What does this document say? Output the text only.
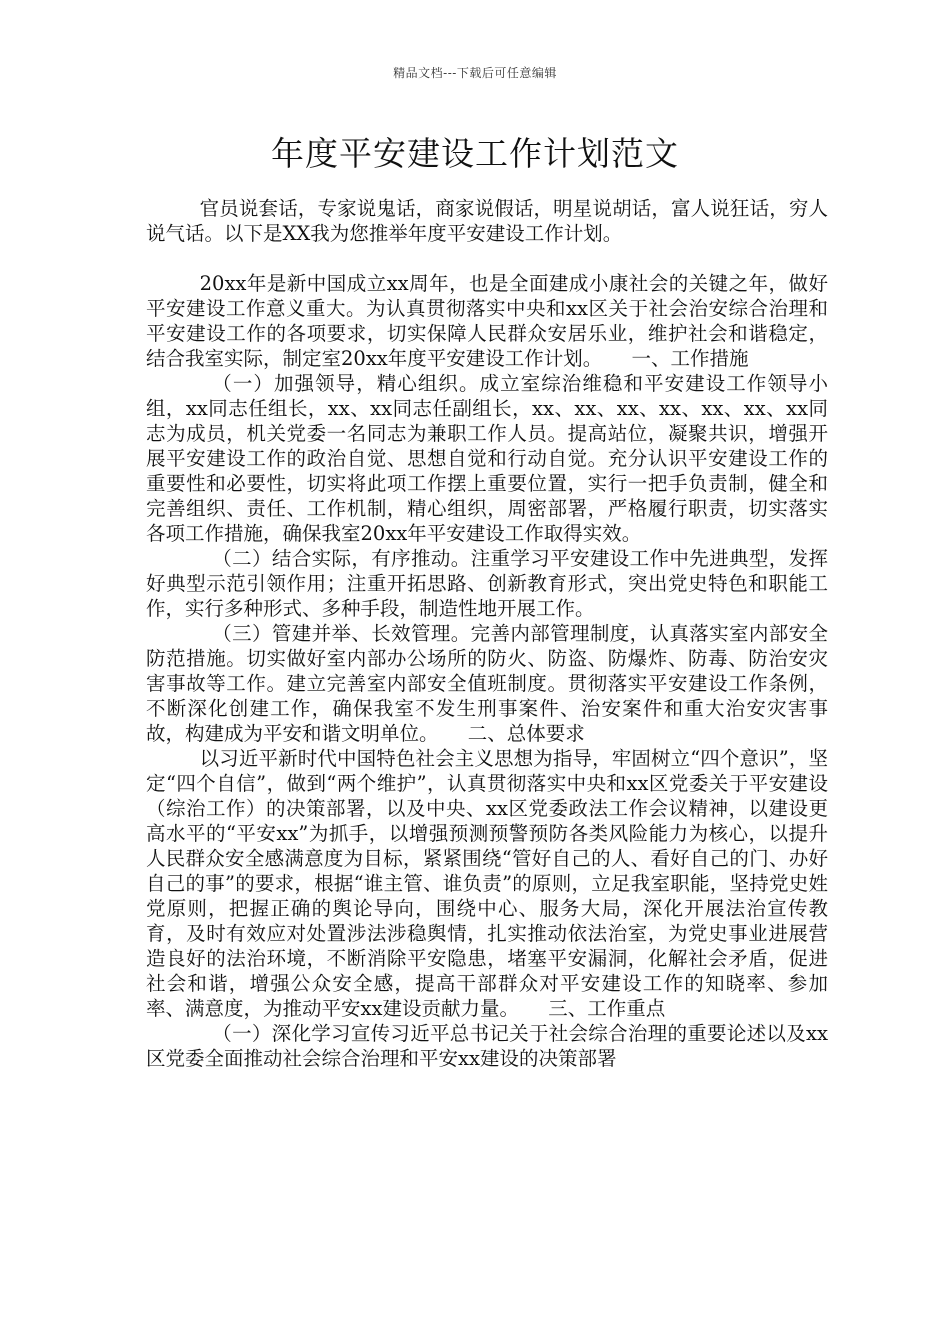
精品文档---下载后可任意编辑
年度平安建设工作计划范文

官员说套话，专家说鬼话，商家说假话，明星说胡话，富人说狂话，穷人说气话。以下是XX我为您推举年度平安建设工作计划。

20xx年是新中国成立xx周年，也是全面建成小康社会的关键之年，做好平安建设工作意义重大。为认真贯彻落实中央和xx区关于社会治安综合治理和平安建设工作的各项要求，切实保障人民群众安居乐业，维护社会和谐稳定，结合我室实际，制定室20xx年度平安建设工作计划。　　一、工作措施

（一）加强领导，精心组织。成立室综治维稳和平安建设工作领导小组，xx同志任组长，xx、xx同志任副组长，xx、xx、xx、xx、xx、xx、xx同志为成员，机关党委一名同志为兼职工作人员。提高站位，凝聚共识，增强开展平安建设工作的政治自觉、思想自觉和行动自觉。充分认识平安建设工作的重要性和必要性，切实将此项工作摆上重要位置，实行一把手负责制，健全和完善组织、责任、工作机制，精心组织，周密部署，严格履行职责，切实落实各项工作措施，确保我室20xx年平安建设工作取得实效。

（二）结合实际，有序推动。注重学习平安建设工作中先进典型，发挥好典型示范引领作用；注重开拓思路、创新教育形式，突出党史特色和职能工作，实行多种形式、多种手段，制造性地开展工作。

（三）管建并举、长效管理。完善内部管理制度，认真落实室内部安全防范措施。切实做好室内部办公场所的防火、防盗、防爆炸、防毒、防治安灾害事故等工作。建立完善室内部安全值班制度。贯彻落实平安建设工作条例，不断深化创建工作，确保我室不发生刑事案件、治安案件和重大治安灾害事故，构建成为平安和谐文明单位。　　二、总体要求

以习近平新时代中国特色社会主义思想为指导，牢固树立“四个意识”，坚定“四个自信”，做到“两个维护”，认真贯彻落实中央和xx区党委关于平安建设（综治工作）的决策部署，以及中央、xx区党委政法工作会议精神，以建设更高水平的“平安xx”为抓手，以增强预测预警预防各类风险能力为核心，以提升人民群众安全感满意度为目标，紧紧围绕“管好自己的人、看好自己的门、办好自己的事”的要求，根据“谁主管、谁负责”的原则，立足我室职能，坚持党史姓党原则，把握正确的舆论导向，围绕中心、服务大局，深化开展法治宣传教育，及时有效应对处置涉法涉稳舆情，扎实推动依法治室，为党史事业进展营造良好的法治环境，不断消除平安隐患，堵塞平安漏洞，化解社会矛盾，促进社会和谐，增强公众安全感，提高干部群众对平安建设工作的知晓率、参加率、满意度，为推动平安xx建设贡献力量。　　三、工作重点

（一）深化学习宣传习近平总书记关于社会综合治理的重要论述以及xx区党委全面推动社会综合治理和平安xx建设的决策部署
